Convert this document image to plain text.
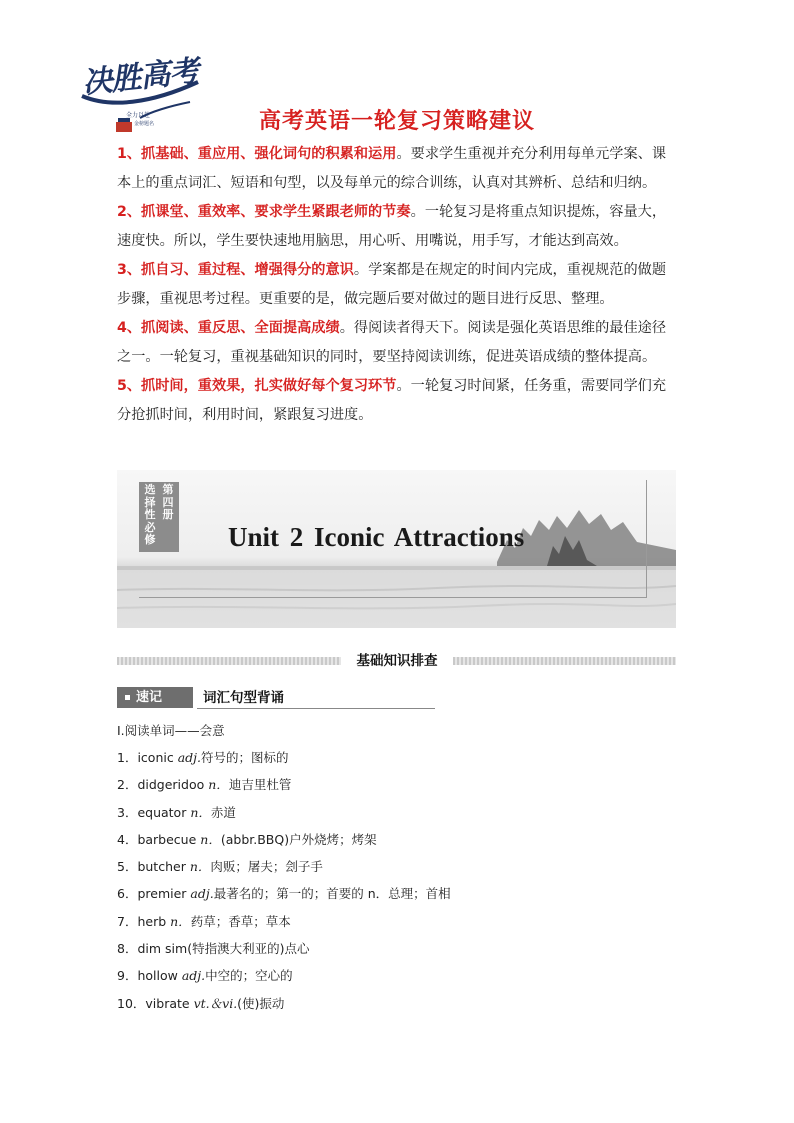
决胜高考
全力以赴
金榜题名	高考英语一轮复习策略建议

1、抓基础、重应用、强化词句的积累和运用。要求学生重视并充分利用每单元学案、课本上的重点词汇、短语和句型，以及每单元的综合训练，认真对其辨析、总结和归纳。

2、抓课堂、重效率、要求学生紧跟老师的节奏。一轮复习是将重点知识提炼，容量大，速度快。所以，学生要快速地用脑思，用心听、用嘴说，用手写，才能达到高效。

3、抓自习、重过程、增强得分的意识。学案都是在规定的时间内完成，重视规范的做题步骤，重视思考过程。更重要的是，做完题后要对做过的题目进行反思、整理。

4、抓阅读、重反思、全面提高成绩。得阅读者得天下。阅读是强化英语思维的最佳途径之一。一轮复习，重视基础知识的同时，要坚持阅读训练，促进英语成绩的整体提高。

5、抓时间，重效果，扎实做好每个复习环节。一轮复习时间紧，任务重，需要同学们充分抢抓时间，利用时间，紧跟复习进度。

选择性必修
第四册
Unit 2 Iconic Attractions
基础知识排查
速记	词汇句型背诵
Ⅰ.阅读单词——会意
1．iconic adj.符号的；图标的
2．didgeridoo n．迪吉里杜管
3．equator n．赤道
4．barbecue n．(abbr.BBQ)户外烧烤；烤架
5．butcher n．肉贩；屠夫；刽子手
6．premier adj.最著名的；第一的；首要的 n．总理；首相
7．herb n．药草；香草；草本
8．dim sim(特指澳大利亚的)点心
9．hollow adj.中空的；空心的
10．vibrate vt.＆vi.(使)振动
